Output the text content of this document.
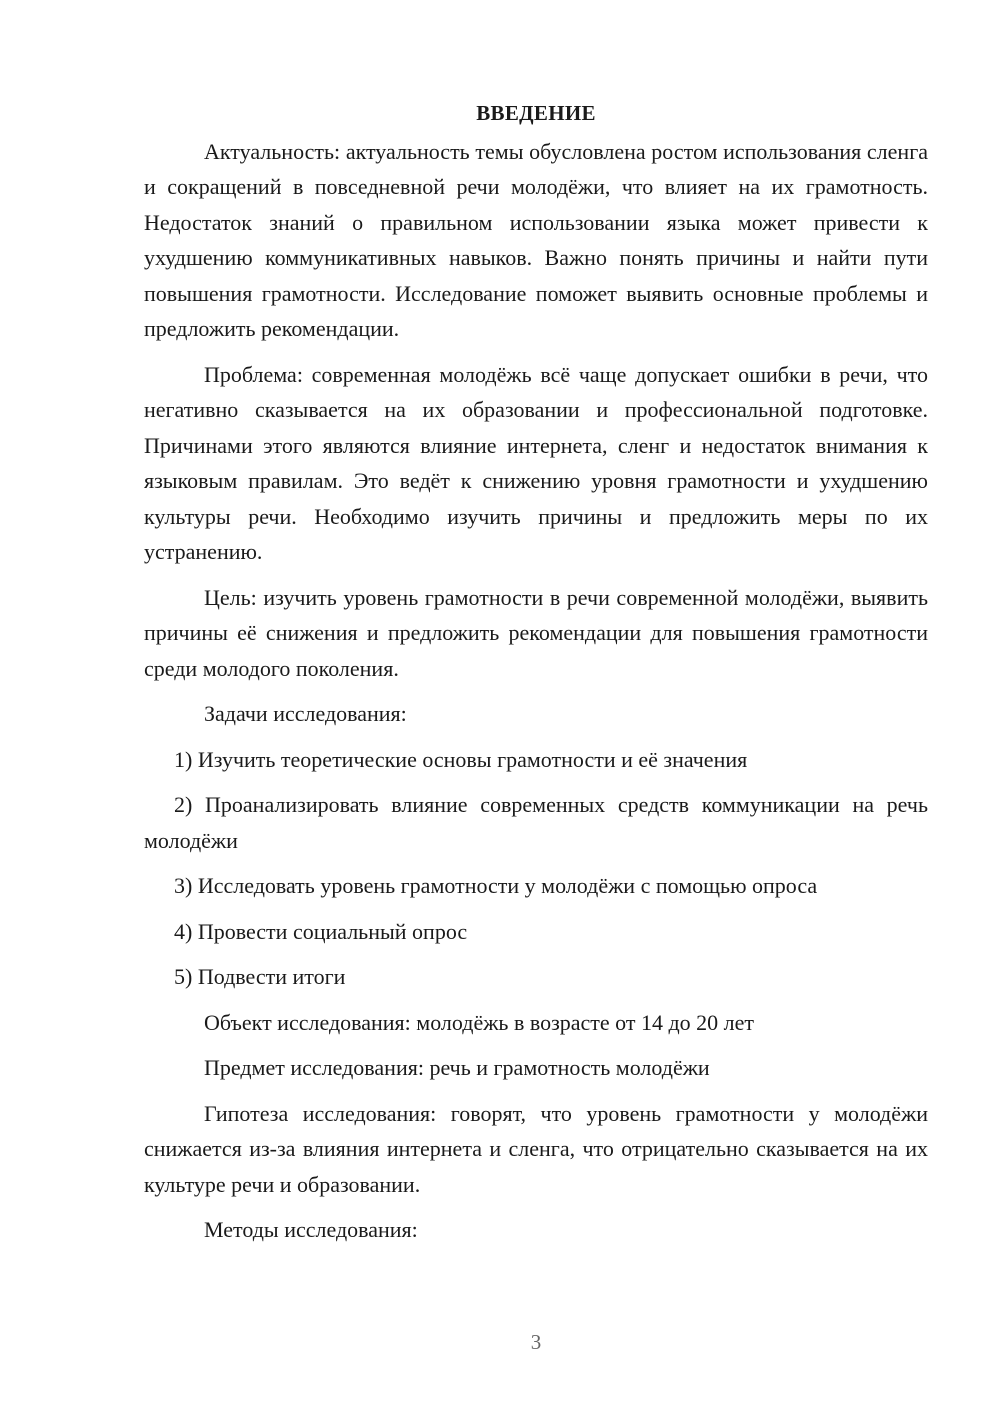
ВВЕДЕНИЕ

Актуальность: актуальность темы обусловлена ростом использования сленга и сокращений в повседневной речи молодёжи, что влияет на их грамотность. Недостаток знаний о правильном использовании языка может привести к ухудшению коммуникативных навыков. Важно понять причины и найти пути повышения грамотности. Исследование поможет выявить основные проблемы и предложить рекомендации.

Проблема: современная молодёжь всё чаще допускает ошибки в речи, что негативно сказывается на их образовании и профессиональной подготовке. Причинами этого являются влияние интернета, сленг и недостаток внимания к языковым правилам. Это ведёт к снижению уровня грамотности и ухудшению культуры речи. Необходимо изучить причины и предложить меры по их устранению.

Цель: изучить уровень грамотности в речи современной молодёжи, выявить причины её снижения и предложить рекомендации для повышения грамотности среди молодого поколения.

Задачи исследования:

1) Изучить теоретические основы грамотности и её значения

2) Проанализировать влияние современных средств коммуникации на речь молодёжи

3) Исследовать уровень грамотности у молодёжи с помощью опроса

4) Провести социальный опрос

5) Подвести итоги

Объект исследования: молодёжь в возрасте от 14 до 20 лет

Предмет исследования: речь и грамотность молодёжи

Гипотеза исследования: говорят, что уровень грамотности у молодёжи снижается из-за влияния интернета и сленга, что отрицательно сказывается на их культуре речи и образовании.

Методы исследования:

3
